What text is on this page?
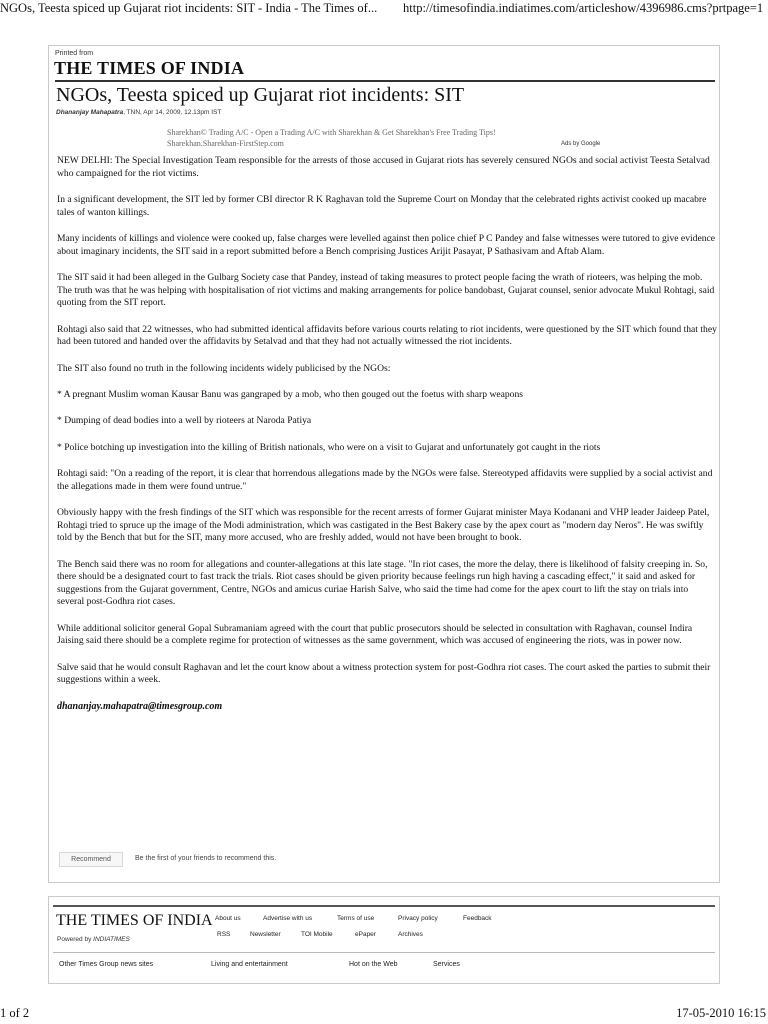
NGOs, Teesta spiced up Gujarat riot incidents: SIT - India - The Times of... http://timesofindia.indiatimes.com/articleshow/4396986.cms?prtpage=1
Printed from
THE TIMES OF INDIA
NGOs, Teesta spiced up Gujarat riot incidents: SIT
Dhananjay Mahapatra, TNN, Apr 14, 2009, 12.13pm IST
Sharekhan© Trading A/C - Open a Trading A/C with Sharekhan & Get Sharekhan's Free Trading Tips!
Sharekhan.Sharekhan-FirstStep.com	Ads by Google

NEW DELHI: The Special Investigation Team responsible for the arrests of those accused in Gujarat riots has severely censured NGOs and social activist Teesta Setalvad who campaigned for the riot victims.

In a significant development, the SIT led by former CBI director R K Raghavan told the Supreme Court on Monday that the celebrated rights activist cooked up macabre tales of wanton killings.

Many incidents of killings and violence were cooked up, false charges were levelled against then police chief P C Pandey and false witnesses were tutored to give evidence about imaginary incidents, the SIT said in a report submitted before a Bench comprising Justices Arijit Pasayat, P Sathasivam and Aftab Alam.

The SIT said it had been alleged in the Gulbarg Society case that Pandey, instead of taking measures to protect people facing the wrath of rioteers, was helping the mob. The truth was that he was helping with hospitalisation of riot victims and making arrangements for police bandobast, Gujarat counsel, senior advocate Mukul Rohtagi, said quoting from the SIT report.

Rohtagi also said that 22 witnesses, who had submitted identical affidavits before various courts relating to riot incidents, were questioned by the SIT which found that they had been tutored and handed over the affidavits by Setalvad and that they had not actually witnessed the riot incidents.

The SIT also found no truth in the following incidents widely publicised by the NGOs:

* A pregnant Muslim woman Kausar Banu was gangraped by a mob, who then gouged out the foetus with sharp weapons

* Dumping of dead bodies into a well by rioteers at Naroda Patiya

* Police botching up investigation into the killing of British nationals, who were on a visit to Gujarat and unfortunately got caught in the riots

Rohtagi said: "On a reading of the report, it is clear that horrendous allegations made by the NGOs were false. Stereotyped affidavits were supplied by a social activist and the allegations made in them were found untrue."

Obviously happy with the fresh findings of the SIT which was responsible for the recent arrests of former Gujarat minister Maya Kodanani and VHP leader Jaideep Patel, Rohtagi tried to spruce up the image of the Modi administration, which was castigated in the Best Bakery case by the apex court as "modern day Neros". He was swiftly told by the Bench that but for the SIT, many more accused, who are freshly added, would not have been brought to book.

The Bench said there was no room for allegations and counter-allegations at this late stage. "In riot cases, the more the delay, there is likelihood of falsity creeping in. So, there should be a designated court to fast track the trials. Riot cases should be given priority because feelings run high having a cascading effect," it said and asked for suggestions from the Gujarat government, Centre, NGOs and amicus curiae Harish Salve, who said the time had come for the apex court to lift the stay on trials into several post-Godhra riot cases.

While additional solicitor general Gopal Subramaniam agreed with the court that public prosecutors should be selected in consultation with Raghavan, counsel Indira Jaising said there should be a complete regime for protection of witnesses as the same government, which was accused of engineering the riots, was in power now.

Salve said that he would consult Raghavan and let the court know about a witness protection system for post-Godhra riot cases. The court asked the parties to submit their suggestions within a week.

dhananjay.mahapatra@timesgroup.com

Recommend	Be the first of your friends to recommend this.
THE TIMES OF INDIA
Powered by INDIATIMES
About us	Advertise with us	Terms of use	Privacy policy	Feedback
RSS	Newsletter	TOI Mobile	ePaper	Archives
Other Times Group news sites	Living and entertainment	Hot on the Web	Services
1 of 2	17-05-2010 16:15
